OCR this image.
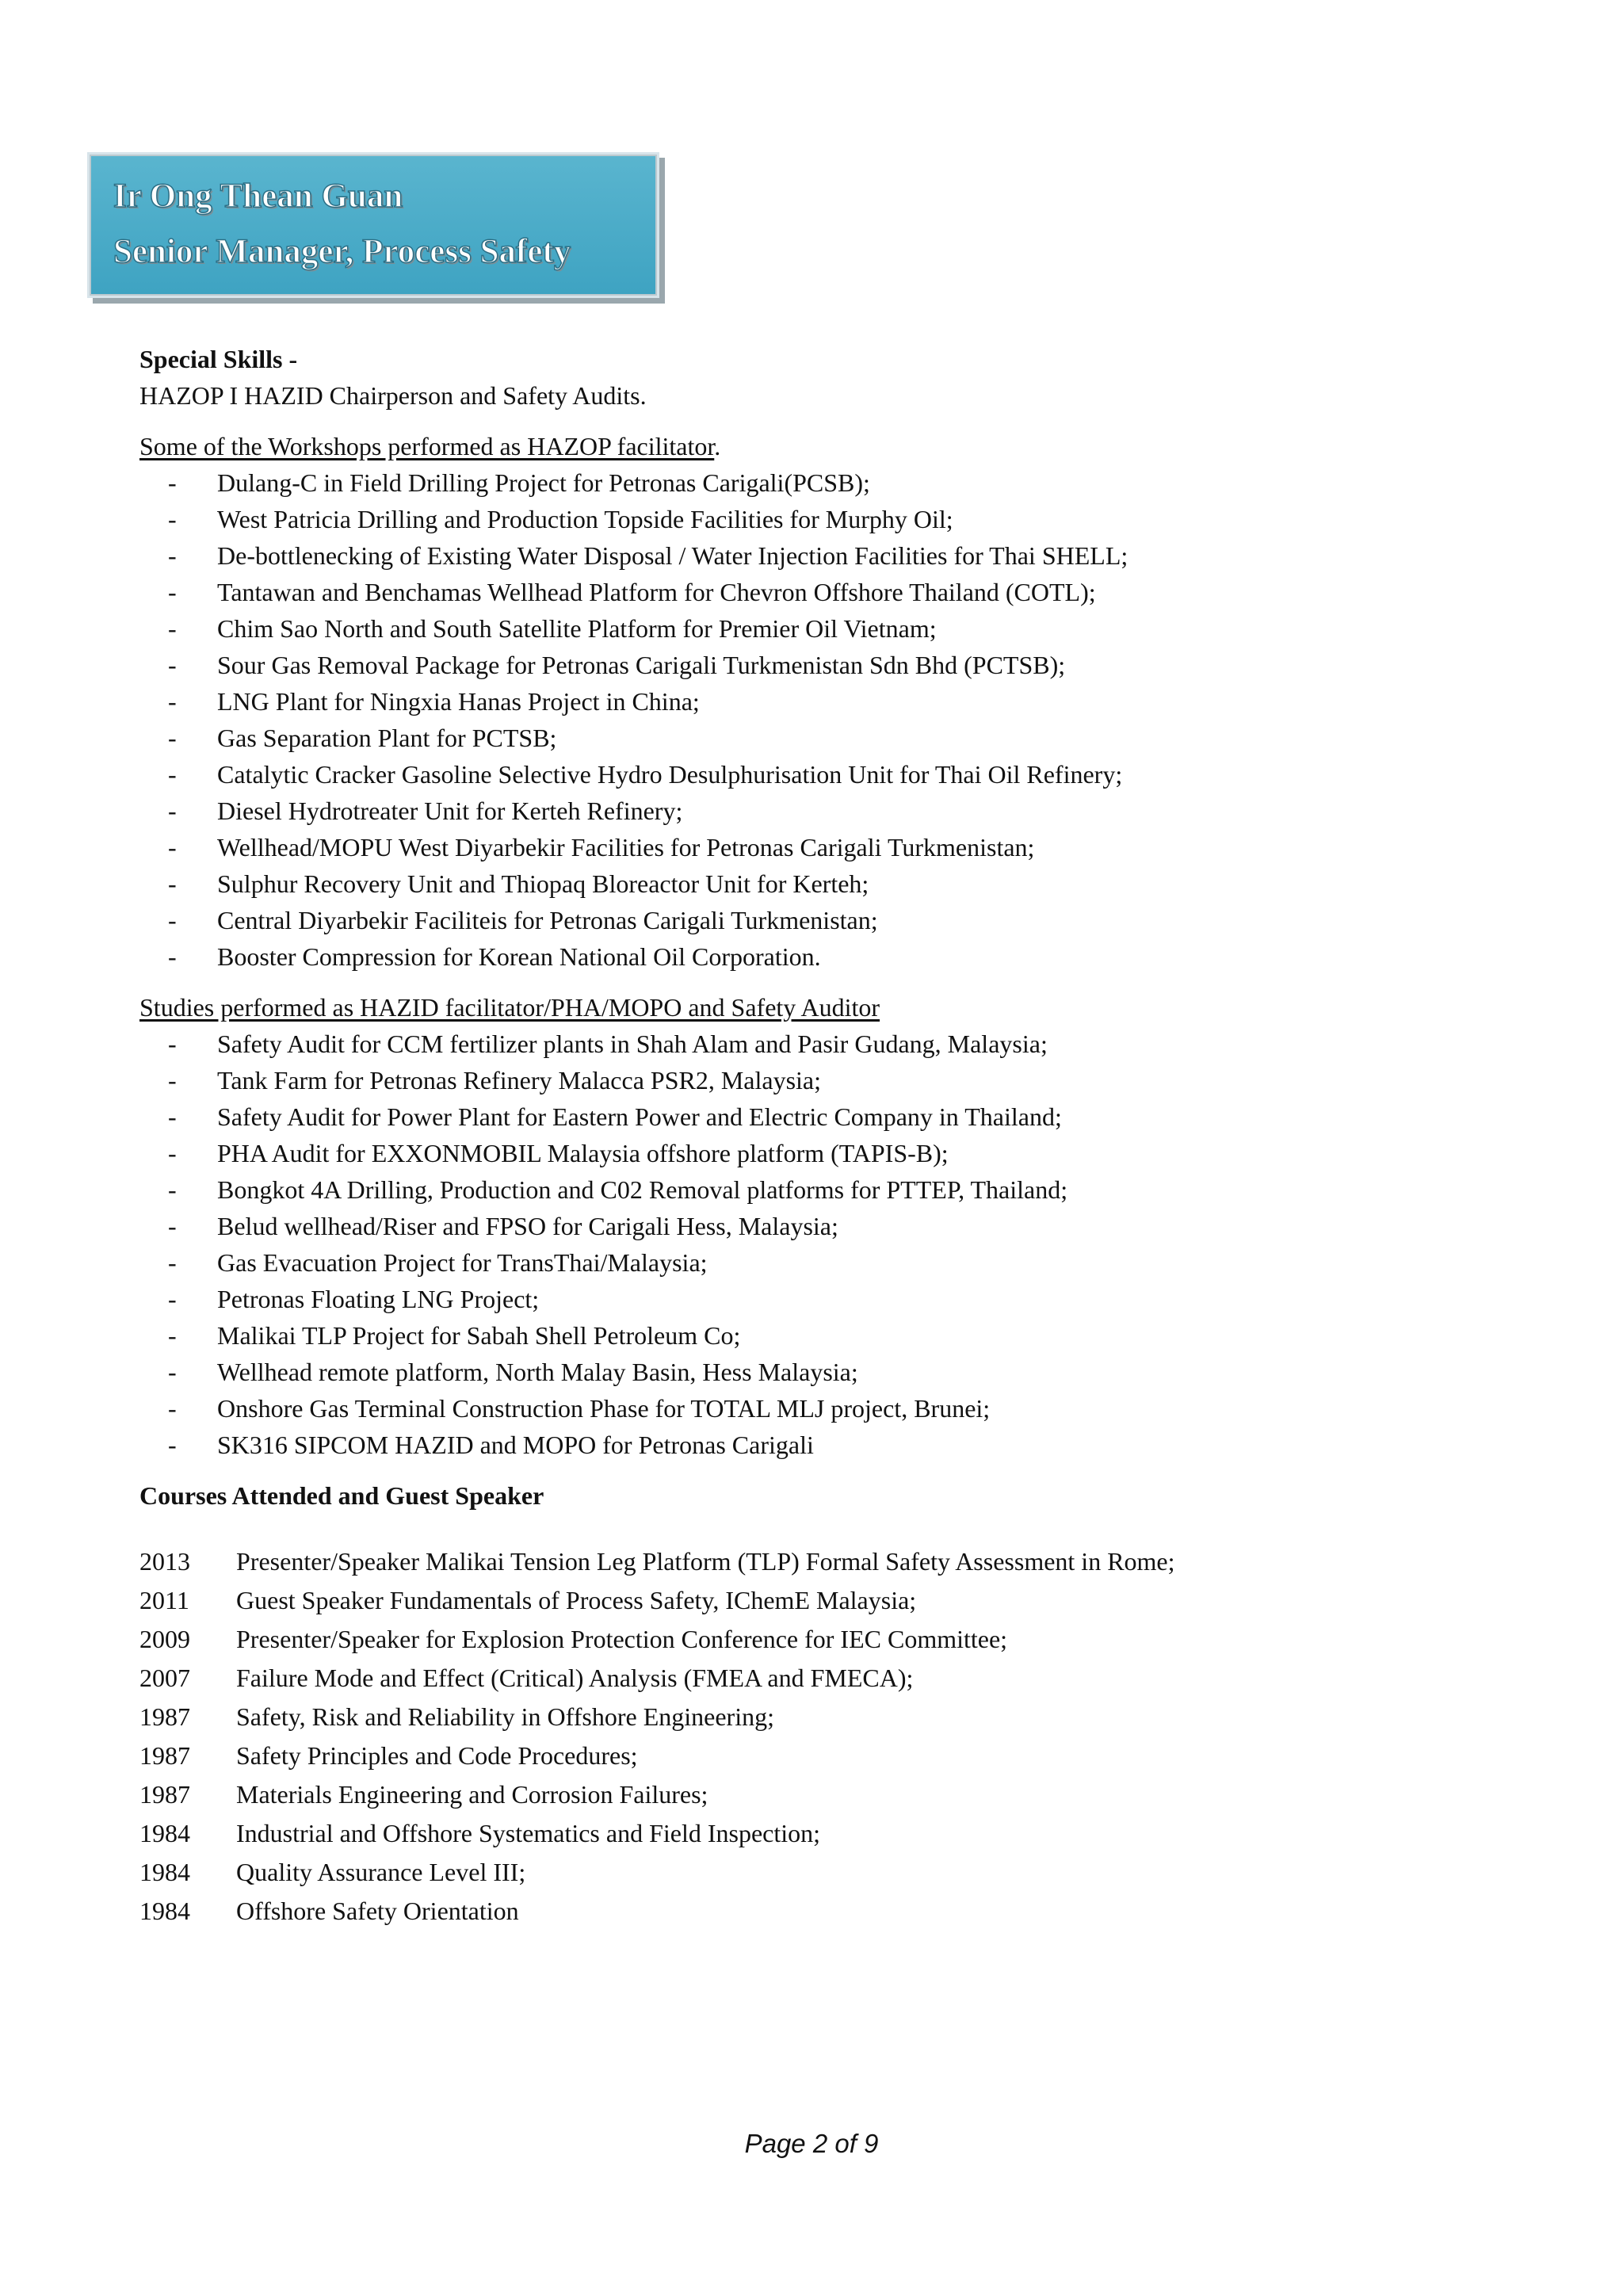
Ir Ong Thean Guan
Senior Manager, Process Safety
Special Skills -
HAZOP I HAZID Chairperson and Safety Audits.
Some of the Workshops performed as HAZOP facilitator.
- Dulang-C in Field Drilling Project for Petronas Carigali(PCSB);
- West Patricia Drilling and Production Topside Facilities for Murphy Oil;
- De-bottlenecking of Existing Water Disposal / Water Injection Facilities for Thai SHELL;
- Tantawan and Benchamas Wellhead Platform for Chevron Offshore Thailand (COTL);
- Chim Sao North and South Satellite Platform for Premier Oil Vietnam;
- Sour Gas Removal Package for Petronas Carigali Turkmenistan Sdn Bhd (PCTSB);
- LNG Plant for Ningxia Hanas Project in China;
- Gas Separation Plant for PCTSB;
- Catalytic Cracker Gasoline Selective Hydro Desulphurisation Unit for Thai Oil Refinery;
- Diesel Hydrotreater Unit for Kerteh Refinery;
- Wellhead/MOPU West Diyarbekir Facilities for Petronas Carigali Turkmenistan;
- Sulphur Recovery Unit and Thiopaq Bloreactor Unit for Kerteh;
- Central Diyarbekir Faciliteis for Petronas Carigali Turkmenistan;
- Booster Compression for Korean National Oil Corporation.
Studies performed as HAZID facilitator/PHA/MOPO and Safety Auditor
- Safety Audit for CCM fertilizer plants in Shah Alam and Pasir Gudang, Malaysia;
- Tank Farm for Petronas Refinery Malacca PSR2, Malaysia;
- Safety Audit for Power Plant for Eastern Power and Electric Company in Thailand;
- PHA Audit for EXXONMOBIL Malaysia offshore platform (TAPIS-B);
- Bongkot 4A Drilling, Production and C02 Removal platforms for PTTEP, Thailand;
- Belud wellhead/Riser and FPSO for Carigali Hess, Malaysia;
- Gas Evacuation Project for TransThai/Malaysia;
- Petronas Floating LNG Project;
- Malikai TLP Project for Sabah Shell Petroleum Co;
- Wellhead remote platform, North Malay Basin, Hess Malaysia;
- Onshore Gas Terminal Construction Phase for TOTAL MLJ project, Brunei;
- SK316 SIPCOM HAZID and MOPO for Petronas Carigali
Courses Attended and Guest Speaker
2013 Presenter/Speaker Malikai Tension Leg Platform (TLP) Formal Safety Assessment in Rome;
2011 Guest Speaker Fundamentals of Process Safety, IChemE Malaysia;
2009 Presenter/Speaker for Explosion Protection Conference for IEC Committee;
2007 Failure Mode and Effect (Critical) Analysis (FMEA and FMECA);
1987 Safety, Risk and Reliability in Offshore Engineering;
1987 Safety Principles and Code Procedures;
1987 Materials Engineering and Corrosion Failures;
1984 Industrial and Offshore Systematics and Field Inspection;
1984 Quality Assurance Level III;
1984 Offshore Safety Orientation
Page 2 of 9
